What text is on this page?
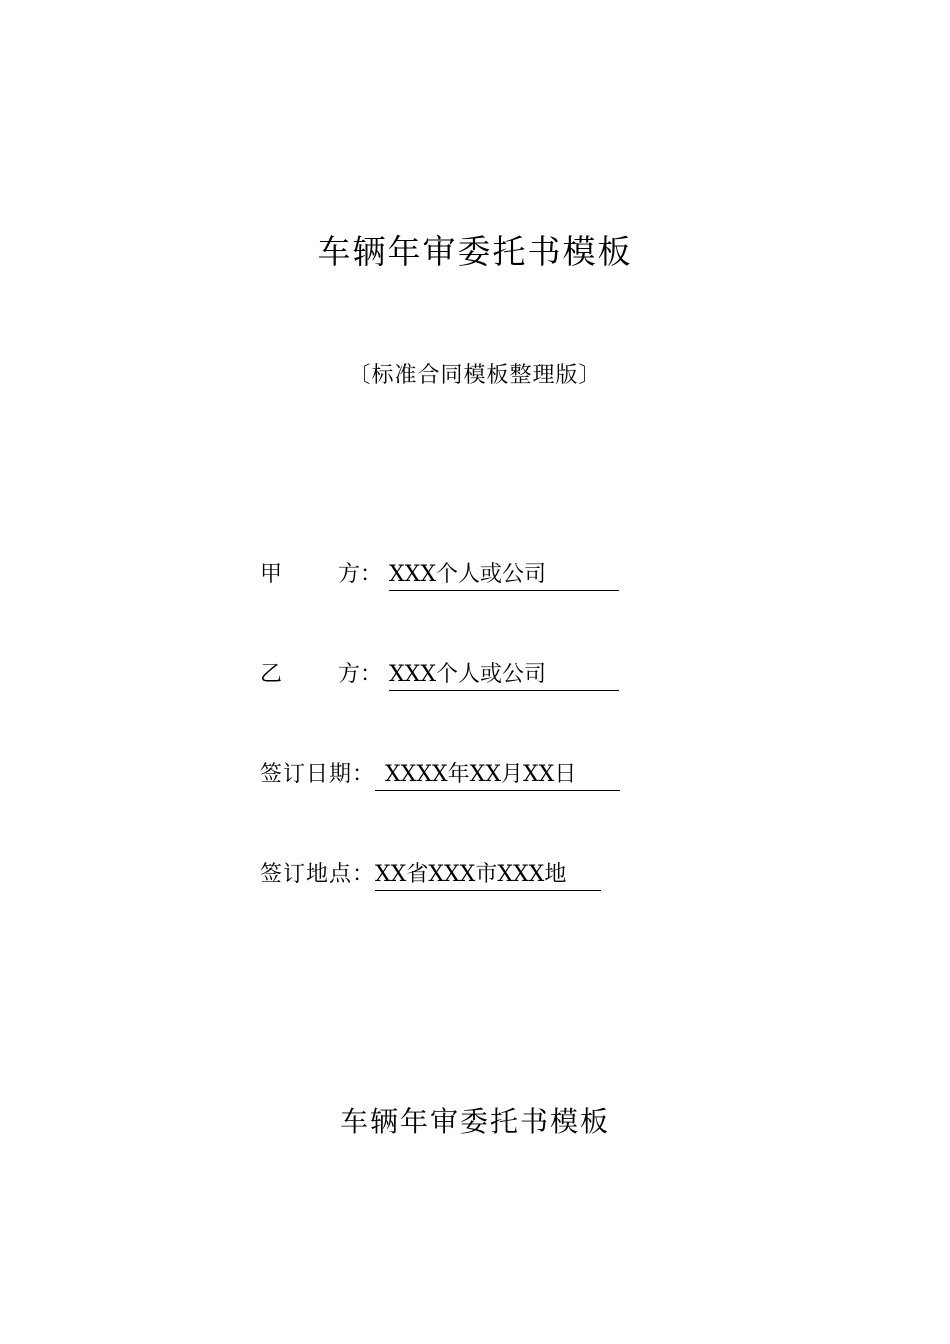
车辆年审委托书模板
〔标准合同模板整理版〕
甲	方： XXX个人或公司
乙	方： XXX个人或公司
签订日期： XXXX年XX月XX日
签订地点：XX省XXX市XXX地
车辆年审委托书模板
